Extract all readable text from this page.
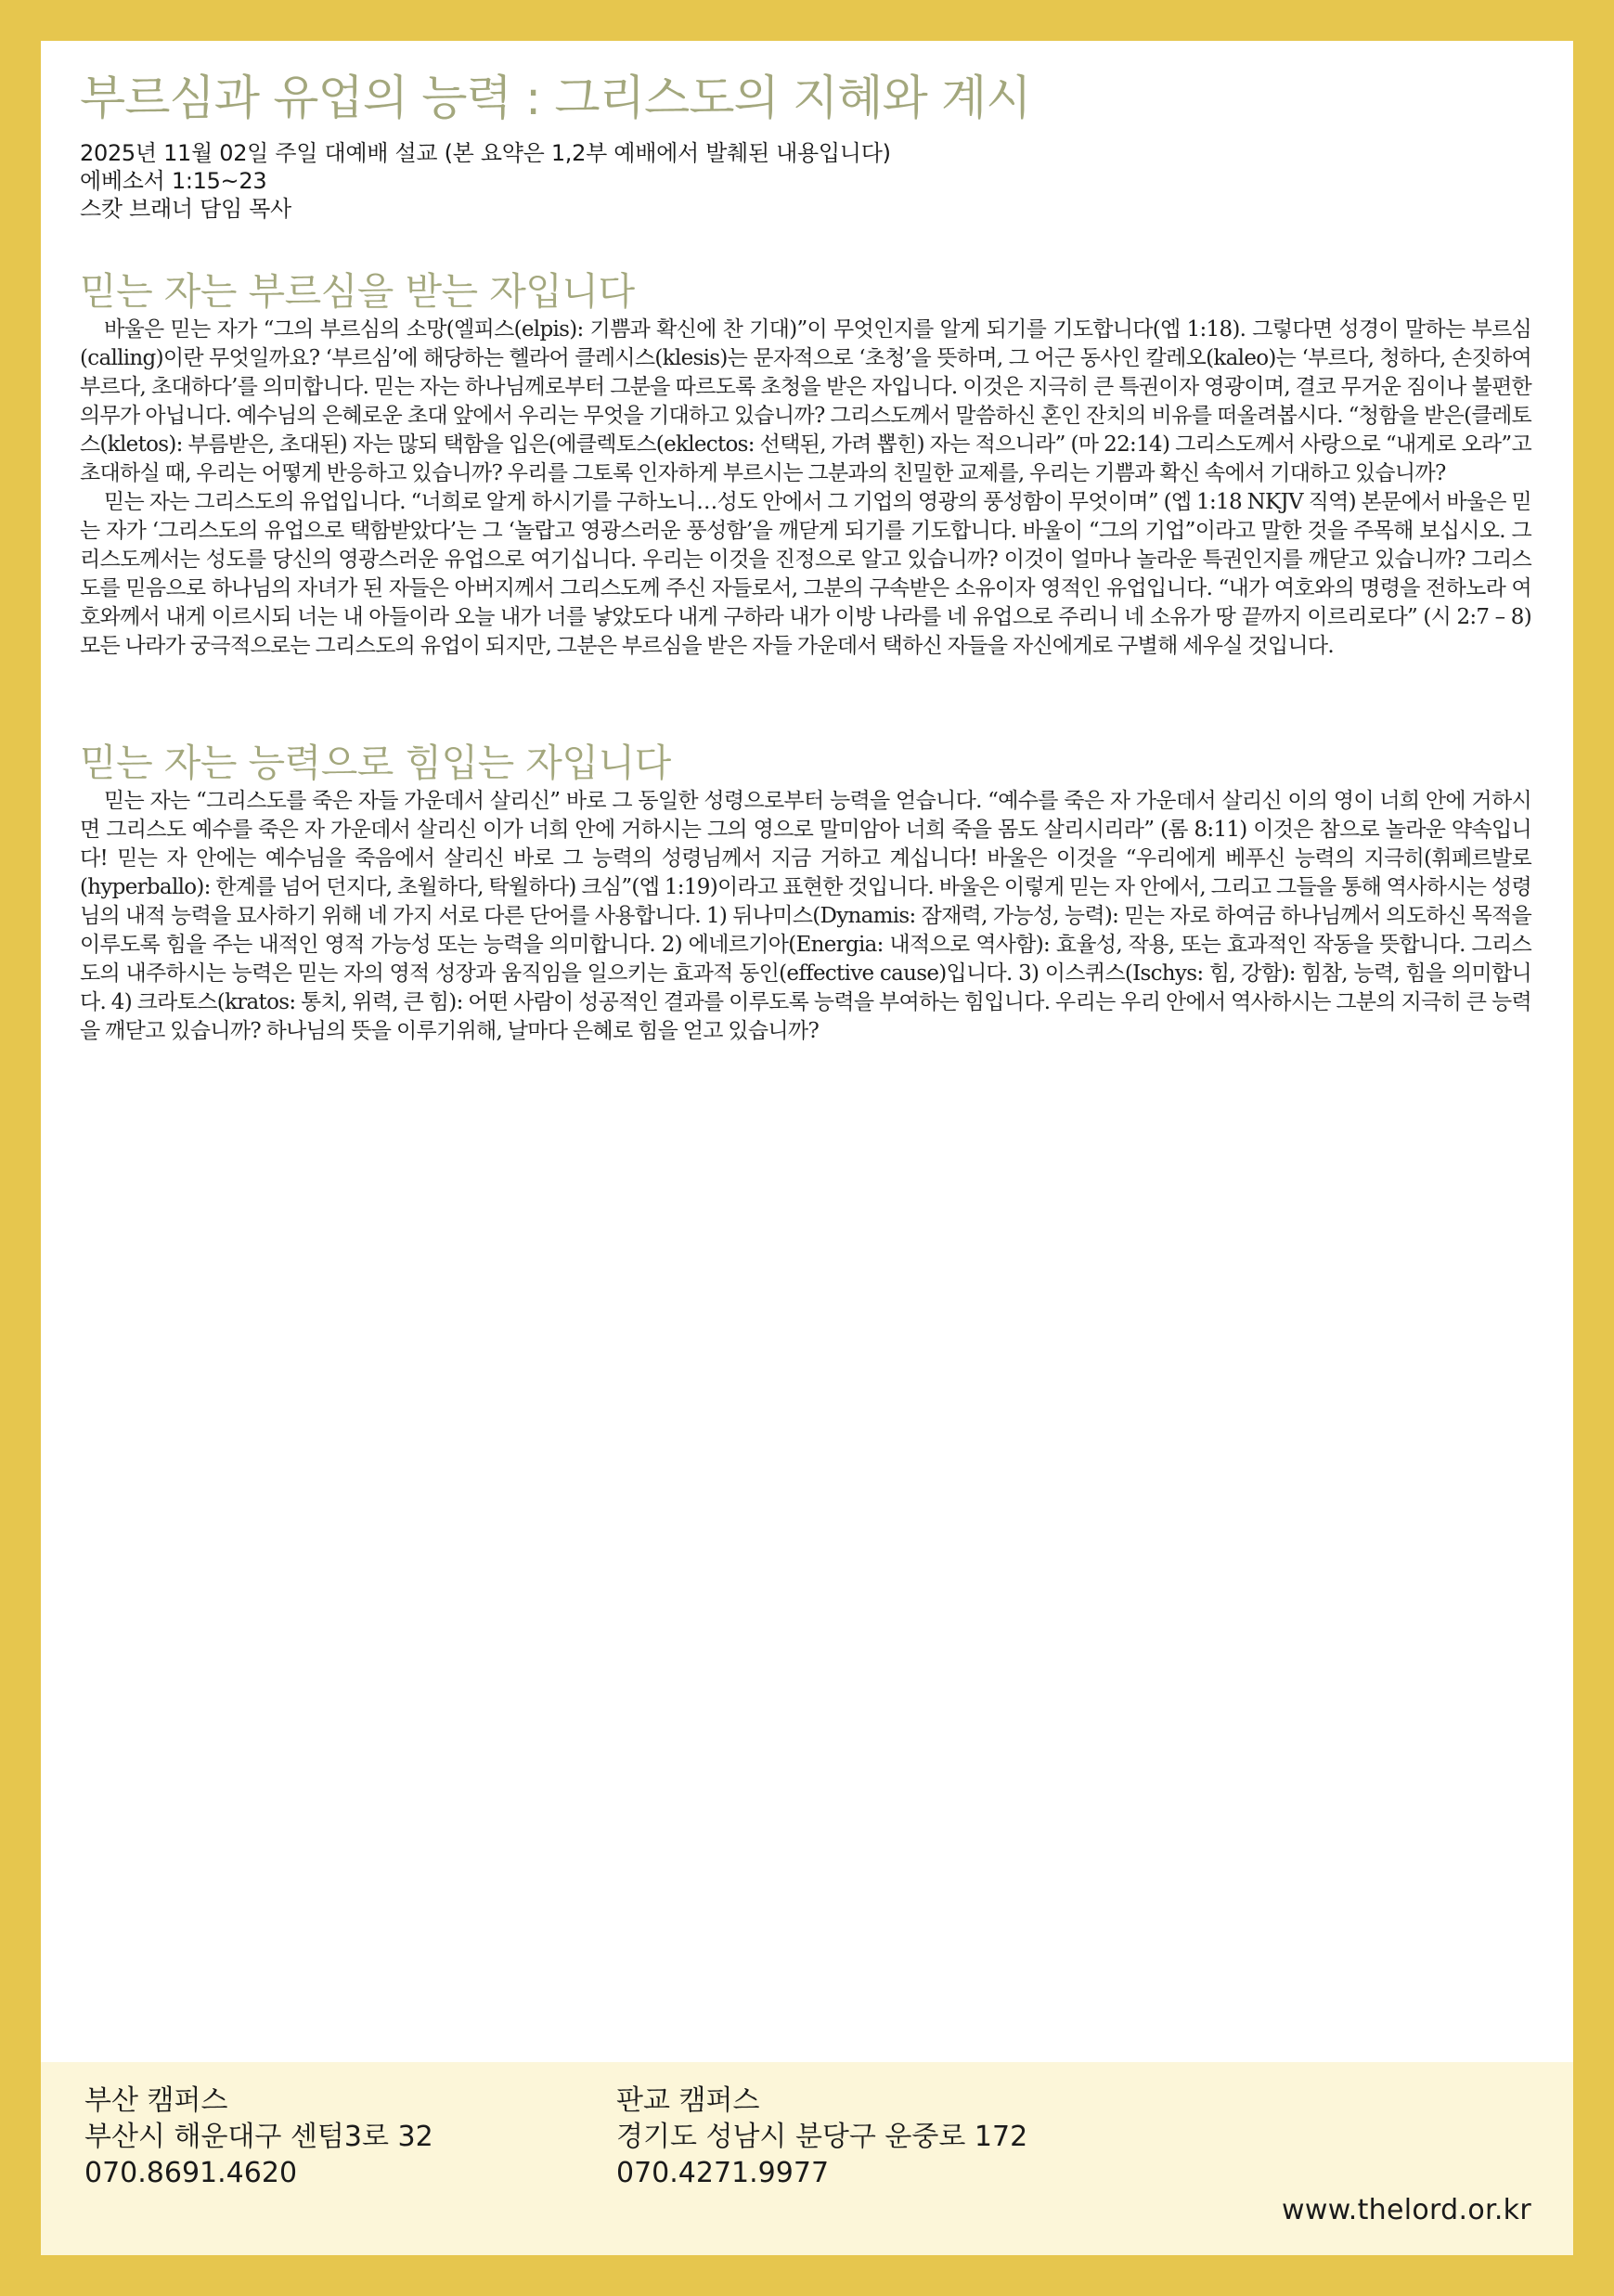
부르심과 유업의 능력 : 그리스도의 지혜와 계시
2025년 11월 02일 주일 대예배 설교 (본 요약은 1,2부 예배에서 발췌된 내용입니다)
에베소서 1:15~23
스캇 브래너 담임 목사
믿는 자는 부르심을 받는 자입니다

바울은 믿는 자가 “그의 부르심의 소망(엘피스(elpis): 기쁨과 확신에 찬 기대)”이 무엇인지를 알게 되기를 기도합니다(엡 1:18). 그렇다면 성경이 말하는 부르심(calling)이란 무엇일까요? ‘부르심’에 해당하는 헬라어 클레시스(klesis)는 문자적으로 ‘초청’을 뜻하며, 그 어근 동사인 칼레오(kaleo)는 ‘부르다, 청하다, 손짓하여 부르다, 초대하다’를 의미합니다. 믿는 자는 하나님께로부터 그분을 따르도록 초청을 받은 자입니다. 이것은 지극히 큰 특권이자 영광이며, 결코 무거운 짐이나 불편한 의무가 아닙니다. 예수님의 은혜로운 초대 앞에서 우리는 무엇을 기대하고 있습니까? 그리스도께서 말씀하신 혼인 잔치의 비유를 떠올려봅시다. “청함을 받은(클레토스(kletos): 부름받은, 초대된) 자는 많되 택함을 입은(에클렉토스(eklectos: 선택된, 가려 뽑힌) 자는 적으니라” (마 22:14) 그리스도께서 사랑으로 “내게로 오라”고 초대하실 때, 우리는 어떻게 반응하고 있습니까? 우리를 그토록 인자하게 부르시는 그분과의 친밀한 교제를, 우리는 기쁨과 확신 속에서 기대하고 있습니까?

믿는 자는 그리스도의 유업입니다. “너희로 알게 하시기를 구하노니…성도 안에서 그 기업의 영광의 풍성함이 무엇이며” (엡 1:18 NKJV 직역) 본문에서 바울은 믿는 자가 ‘그리스도의 유업으로 택함받았다’는 그 ‘놀랍고 영광스러운 풍성함’을 깨닫게 되기를 기도합니다. 바울이 “그의 기업”이라고 말한 것을 주목해 보십시오. 그리스도께서는 성도를 당신의 영광스러운 유업으로 여기십니다. 우리는 이것을 진정으로 알고 있습니까? 이것이 얼마나 놀라운 특권인지를 깨닫고 있습니까? 그리스도를 믿음으로 하나님의 자녀가 된 자들은 아버지께서 그리스도께 주신 자들로서, 그분의 구속받은 소유이자 영적인 유업입니다. “내가 여호와의 명령을 전하노라 여호와께서 내게 이르시되 너는 내 아들이라 오늘 내가 너를 낳았도다 내게 구하라 내가 이방 나라를 네 유업으로 주리니 네 소유가 땅 끝까지 이르리로다” (시 2:7 – 8) 모든 나라가 궁극적으로는 그리스도의 유업이 되지만, 그분은 부르심을 받은 자들 가운데서 택하신 자들을 자신에게로 구별해 세우실 것입니다.

믿는 자는 능력으로 힘입는 자입니다

믿는 자는 “그리스도를 죽은 자들 가운데서 살리신” 바로 그 동일한 성령으로부터 능력을 얻습니다. “예수를 죽은 자 가운데서 살리신 이의 영이 너희 안에 거하시면 그리스도 예수를 죽은 자 가운데서 살리신 이가 너희 안에 거하시는 그의 영으로 말미암아 너희 죽을 몸도 살리시리라” (롬 8:11) 이것은 참으로 놀라운 약속입니다! 믿는 자 안에는 예수님을 죽음에서 살리신 바로 그 능력의 성령님께서 지금 거하고 계십니다! 바울은 이것을 “우리에게 베푸신 능력의 지극히(휘페르발로(hyperballo): 한계를 넘어 던지다, 초월하다, 탁월하다) 크심”(엡 1:19)이라고 표현한 것입니다. 바울은 이렇게 믿는 자 안에서, 그리고 그들을 통해 역사하시는 성령님의 내적 능력을 묘사하기 위해 네 가지 서로 다른 단어를 사용합니다. 1) 뒤나미스(Dynamis: 잠재력, 가능성, 능력): 믿는 자로 하여금 하나님께서 의도하신 목적을 이루도록 힘을 주는 내적인 영적 가능성 또는 능력을 의미합니다. 2) 에네르기아(Energia: 내적으로 역사함): 효율성, 작용, 또는 효과적인 작동을 뜻합니다. 그리스도의 내주하시는 능력은 믿는 자의 영적 성장과 움직임을 일으키는 효과적 동인(effective cause)입니다. 3) 이스퀴스(Ischys: 힘, 강함): 힘참, 능력, 힘을 의미합니다. 4) 크라토스(kratos: 통치, 위력, 큰 힘): 어떤 사람이 성공적인 결과를 이루도록 능력을 부여하는 힘입니다. 우리는 우리 안에서 역사하시는 그분의 지극히 큰 능력을 깨닫고 있습니까? 하나님의 뜻을 이루기위해, 날마다 은혜로 힘을 얻고 있습니까?

부산 캠퍼스
부산시 해운대구 센텀3로 32
070.8691.4620
판교 캠퍼스
경기도 성남시 분당구 운중로 172
070.4271.9977
www.thelord.or.kr
